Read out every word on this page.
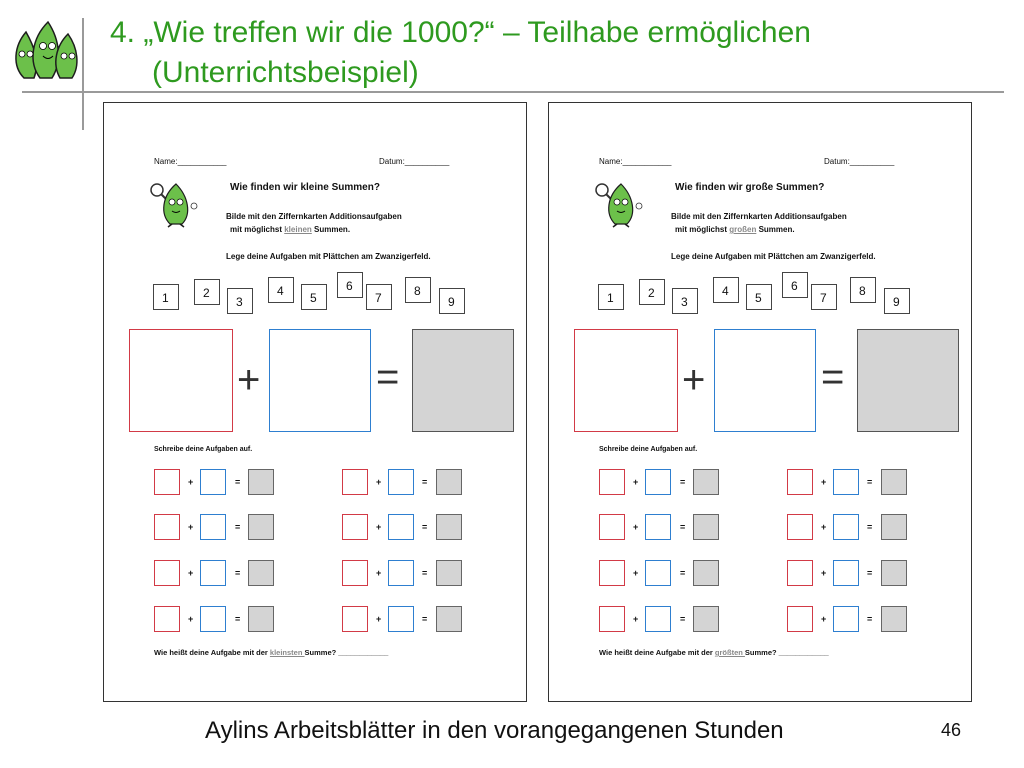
4. „Wie treffen wir die 1000?“ – Teilhabe ermöglichen
(Unterrichtsbeispiel)
Name:___________	Datum:__________
Wie finden wir kleine Summen?
Bilde mit den Ziffernkarten Additionsaufgaben
mit möglichst kleinen Summen.
Lege deine Aufgaben mit Plättchen am Zwanzigerfeld.
1	2
3
4 5
6
7	8
9
+	=
Schreibe deine Aufgaben auf.
+	=
+	=
+	=
+	=
+	=
+	=
+	=
+	=
Wie heißt deine Aufgabe mit der kleinsten Summe? ____________
Name:___________	Datum:__________
Wie finden wir große Summen?
Bilde mit den Ziffernkarten Additionsaufgaben
mit möglichst großen Summen.
Lege deine Aufgaben mit Plättchen am Zwanzigerfeld.
1	2
3
4 5
6
7	8
9
+	=
Schreibe deine Aufgaben auf.
+	=
+	=
+	=
+	=
+	=
+	=
+	=
+	=
Wie heißt deine Aufgabe mit der größten Summe? ____________
Aylins Arbeitsblätter in den vorangegangenen Stunden	46
